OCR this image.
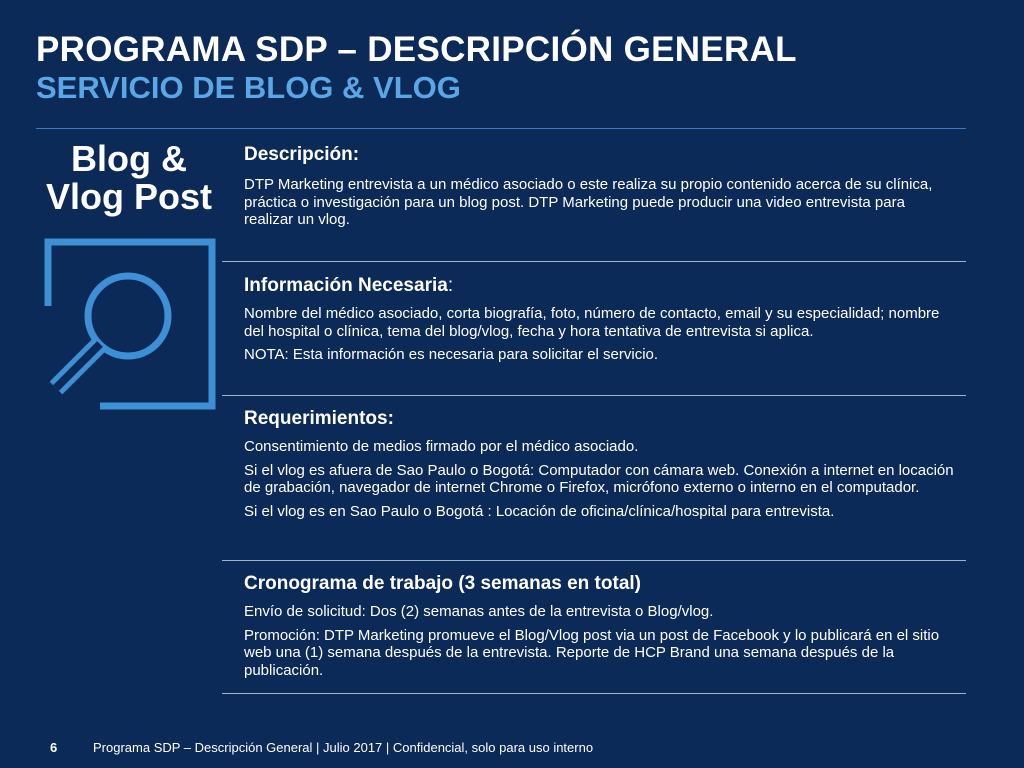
PROGRAMA SDP – DESCRIPCIÓN GENERAL
SERVICIO DE BLOG & VLOG
Blog & Vlog Post
Descripción:

DTP Marketing entrevista a un médico asociado o este realiza su propio contenido acerca de su clínica, práctica o investigación para un blog post. DTP Marketing puede producir una video entrevista para realizar un vlog.

Información Necesaria:

Nombre del médico asociado, corta biografía, foto, número de contacto, email y su especialidad; nombre del hospital o clínica, tema del blog/vlog, fecha y hora tentativa de entrevista si aplica.

NOTA: Esta información es necesaria para solicitar el servicio.

Requerimientos:

Consentimiento de medios firmado por el médico asociado.

Si el vlog es afuera de Sao Paulo o Bogotá: Computador con cámara web. Conexión a internet en locación de grabación, navegador de internet Chrome o Firefox, micrófono externo o interno en el computador.

Si el vlog es en Sao Paulo o Bogotá : Locación de oficina/clínica/hospital para entrevista.

Cronograma de trabajo (3 semanas en total)

Envío de solicitud: Dos (2) semanas antes de la entrevista o Blog/vlog.

Promoción: DTP Marketing promueve el Blog/Vlog post via un post de Facebook y lo publicará en el sitio web una (1) semana después de la entrevista. Reporte de HCP Brand una semana después de la publicación.

6	Programa SDP – Descripción General | Julio 2017 | Confidencial, solo para uso interno
